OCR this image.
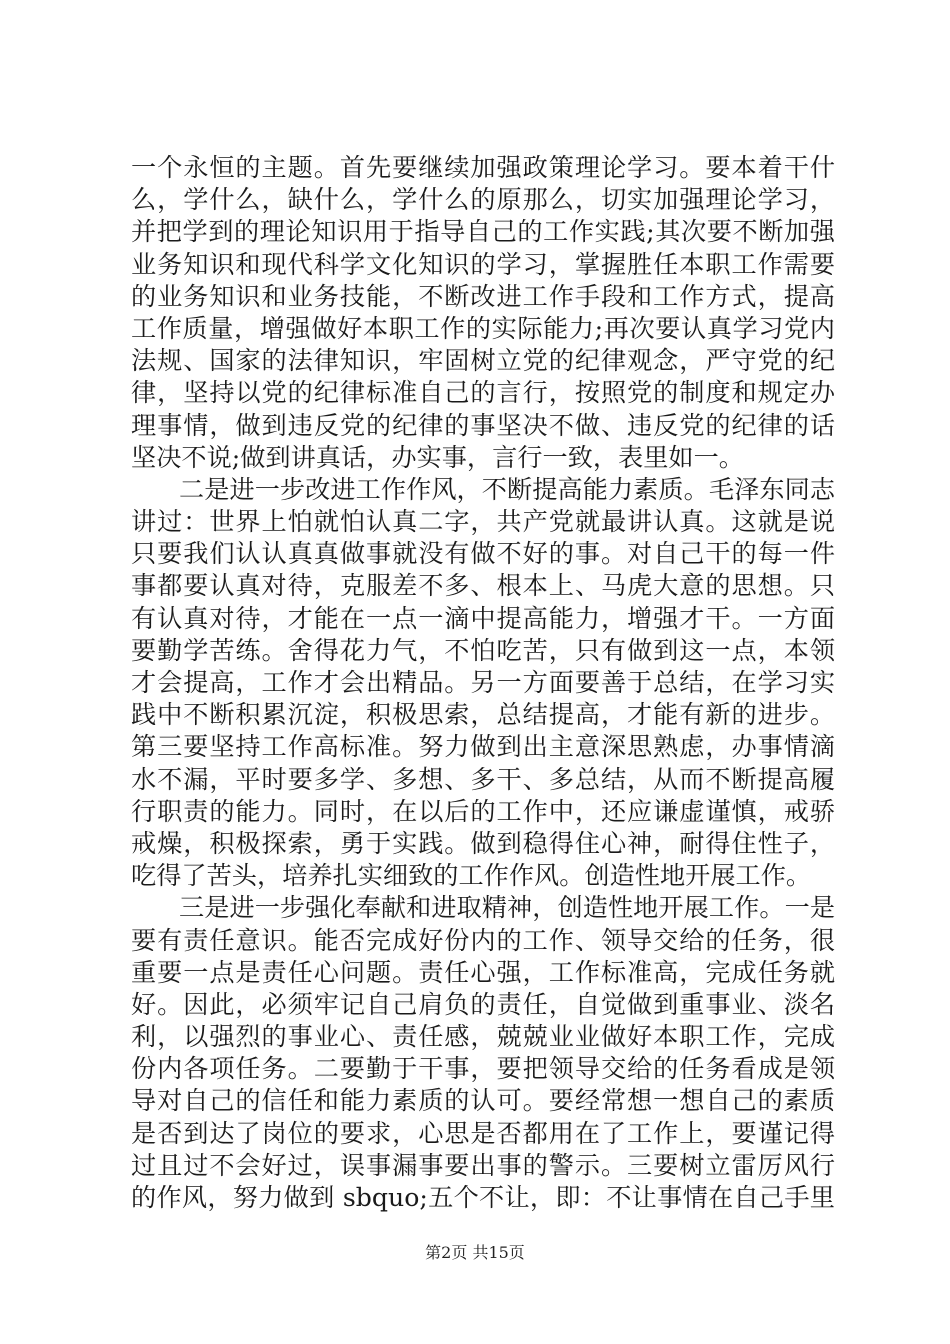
一个永恒的主题。首先要继续加强政策理论学习。要本着干什
么，学什么，缺什么，学什么的原那么，切实加强理论学习，
并把学到的理论知识用于指导自己的工作实践;其次要不断加强
业务知识和现代科学文化知识的学习，掌握胜任本职工作需要
的业务知识和业务技能，不断改进工作手段和工作方式，提高
工作质量，增强做好本职工作的实际能力;再次要认真学习党内
法规、国家的法律知识，牢固树立党的纪律观念，严守党的纪
律，坚持以党的纪律标准自己的言行，按照党的制度和规定办
理事情，做到违反党的纪律的事坚决不做、违反党的纪律的话
坚决不说;做到讲真话，办实事，言行一致，表里如一。
二是进一步改进工作作风，不断提高能力素质。毛泽东同志
讲过：世界上怕就怕认真二字，共产党就最讲认真。这就是说
只要我们认认真真做事就没有做不好的事。对自己干的每一件
事都要认真对待，克服差不多、根本上、马虎大意的思想。只
有认真对待，才能在一点一滴中提高能力，增强才干。一方面
要勤学苦练。舍得花力气，不怕吃苦，只有做到这一点，本领
才会提高，工作才会出精品。另一方面要善于总结，在学习实
践中不断积累沉淀，积极思索，总结提高，才能有新的进步。
第三要坚持工作高标准。努力做到出主意深思熟虑，办事情滴
水不漏，平时要多学、多想、多干、多总结，从而不断提高履
行职责的能力。同时，在以后的工作中，还应谦虚谨慎，戒骄
戒燥，积极探索，勇于实践。做到稳得住心神，耐得住性子，
吃得了苦头，培养扎实细致的工作作风。创造性地开展工作。
三是进一步强化奉献和进取精神，创造性地开展工作。一是
要有责任意识。能否完成好份内的工作、领导交给的任务，很
重要一点是责任心问题。责任心强，工作标准高，完成任务就
好。因此，必须牢记自己肩负的责任，自觉做到重事业、淡名
利，以强烈的事业心、责任感，兢兢业业做好本职工作，完成
份内各项任务。二要勤于干事，要把领导交给的任务看成是领
导对自己的信任和能力素质的认可。要经常想一想自己的素质
是否到达了岗位的要求，心思是否都用在了工作上，要谨记得
过且过不会好过，误事漏事要出事的警示。三要树立雷厉风行
的作风，努力做到 sbquo;五个不让，即：不让事情在自己手里
第2页 共15页
